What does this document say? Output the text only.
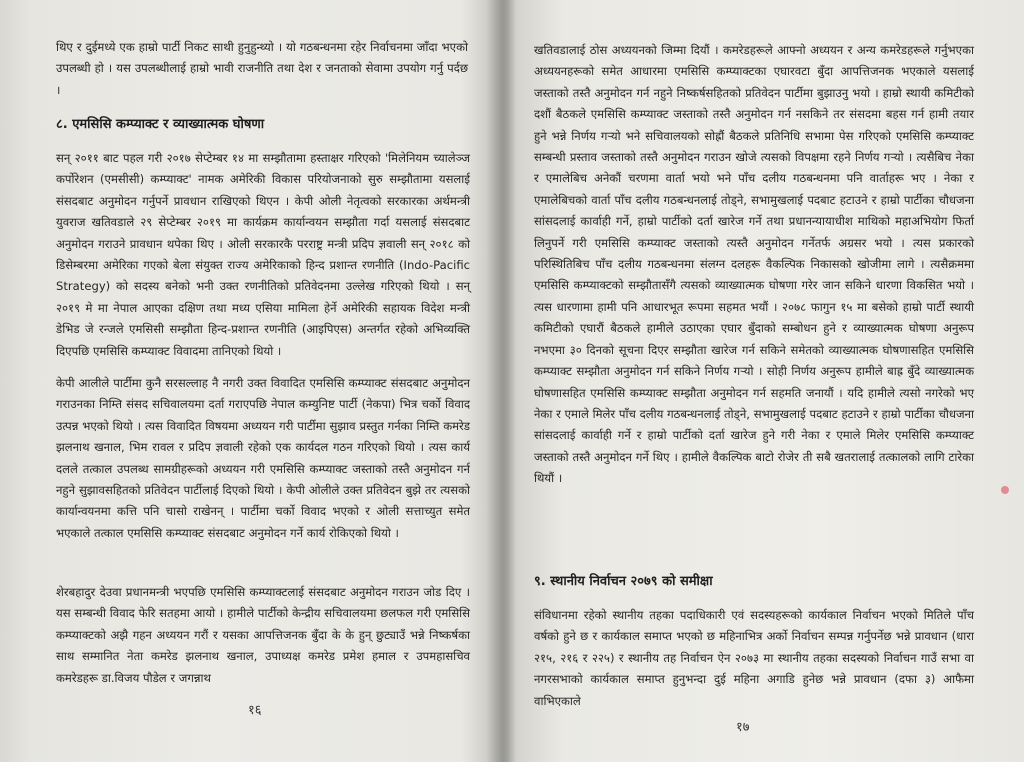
थिए र दुईमध्ये एक हाम्रो पार्टी निकट साथी हुनुहुन्थ्यो । यो गठबन्धनमा रहेर निर्वाचनमा जाँदा भएको उपलब्धी हो । यस उपलब्धीलाई हाम्रो भावी राजनीति तथा देश र जनताको सेवामा उपयोग गर्नु पर्दछ ।
८. एमसिसि कम्प्याक्ट र व्याख्यात्मक घोषणा
सन् २०११ बाट पहल गरी २०१७ सेप्टेम्बर १४ मा सम्झौतामा हस्ताक्षर गरिएको 'मिलेनियम च्यालेञ्ज कर्पोरेशन (एमसीसी) कम्प्याक्ट' नामक अमेरिकी विकास परियोजनाको सुरु सम्झौतामा यसलाई संसदबाट अनुमोदन गर्नुपर्ने प्रावधान राखिएको थिएन । केपी ओली नेतृत्वको सरकारका अर्थमन्त्री युवराज खतिवडाले २९ सेप्टेम्बर २०१९ मा कार्यक्रम कार्यान्वयन सम्झौता गर्दा यसलाई संसदबाट अनुमोदन गराउने प्रावधान थपेका थिए । ओली सरकारकै परराष्ट्र मन्त्री प्रदिप ज्ञवाली सन् २०१८ को डिसेम्बरमा अमेरिका गएको बेला संयुक्त राज्य अमेरिकाको हिन्द प्रशान्त रणनीति (Indo-Pacific Strategy) को सदस्य बनेको भनी उक्त रणनीतिको प्रतिवेदनमा उल्लेख गरिएको थियो । सन् २०१९ मे मा नेपाल आएका दक्षिण तथा मध्य एसिया मामिला हेर्ने अमेरिकी सहायक विदेश मन्त्री डेभिड जे रन्जले एमसिसी सम्झौता हिन्द-प्रशान्त रणनीति (आइपिएस) अन्तर्गत रहेको अभिव्यक्ति दिएपछि एमसिसि कम्प्याक्ट विवादमा तानिएको थियो ।
केपी आलीले पार्टीमा कुनै सरसल्लाह नै नगरी उक्त विवादित एमसिसि कम्प्याक्ट संसदबाट अनुमोदन गराउनका निम्ति संसद सचिवालयमा दर्ता गराएपछि नेपाल कम्युनिष्ट पार्टी (नेकपा) भित्र चर्को विवाद उत्पन्न भएको थियो । त्यस विवादित विषयमा अध्ययन गरी पार्टीमा सुझाव प्रस्तुत गर्नका निम्ति कमरेड झलनाथ खनाल, भिम रावल र प्रदिप ज्ञवाली रहेको एक कार्यदल गठन गरिएको थियो । त्यस कार्य दलले तत्काल उपलब्ध सामग्रीहरूको अध्ययन गरी एमसिसि कम्प्याक्ट जस्ताको तस्तै अनुमोदन गर्न नहुने सुझावसहितको प्रतिवेदन पार्टीलाई दिएको थियो । केपी ओलीले उक्त प्रतिवेदन बुझे तर त्यसको कार्यान्वयनमा कत्ति पनि चासो राखेनन् । पार्टीमा चर्को विवाद भएको र ओली सत्ताच्युत समेत भएकाले तत्काल एमसिसि कम्प्याक्ट संसदबाट अनुमोदन गर्ने कार्य रोकिएको थियो ।
शेरबहादुर देउवा प्रधानमन्त्री भएपछि एमसिसि कम्प्याक्टलाई संसदबाट अनुमोदन गराउन जोड दिए । यस सम्बन्धी विवाद फेरि सतहमा आयो । हामीले पार्टीको केन्द्रीय सचिवालयमा छलफल गरी एमसिसि कम्प्याक्टको अझै गहन अध्ययन गरौं र यसका आपत्तिजनक बुँदा के के हुन् छुट्याउँ भन्ने निष्कर्षका साथ सम्मानित नेता कमरेड झलनाथ खनाल, उपाध्यक्ष कमरेड प्रमेश हमाल र उपमहासचिव कमरेडहरू डा.विजय पौडेल र जगन्नाथ
१६
खतिवडालाई ठोस अध्ययनको जिम्मा दियौं । कमरेडहरूले आफ्नो अध्ययन र अन्य कमरेडहरूले गर्नुभएका अध्ययनहरूको समेत आधारमा एमसिसि कम्प्याक्टका एघारवटा बुँदा आपत्तिजनक भएकाले यसलाई जस्ताको तस्तै अनुमोदन गर्न नहुने निष्कर्षसहितको प्रतिवेदन पार्टीमा बुझाउनु भयो । हाम्रो स्थायी कमिटीको दशौं बैठकले एमसिसि कम्प्याक्ट जस्ताको तस्तै अनुमोदन गर्न नसकिने तर संसदमा बहस गर्न हामी तयार हुने भन्ने निर्णय गऱ्यो भने सचिवालयको सोह्रौं बैठकले प्रतिनिधि सभामा पेस गरिएको एमसिसि कम्प्याक्ट सम्बन्धी प्रस्ताव जस्ताको तस्तै अनुमोदन गराउन खोजे त्यसको विपक्षमा रहने निर्णय गऱ्यो । त्यसैबिच नेका र एमालेबिच अनेकौं चरणमा वार्ता भयो भने पाँच दलीय गठबन्धनमा पनि वार्ताहरू भए । नेका र एमालेबिचको वार्ता पाँच दलीय गठबन्धनलाई तोड्ने, सभामुखलाई पदबाट हटाउने र हाम्रो पार्टीका चौधजना सांसदलाई कार्वाही गर्ने, हाम्रो पार्टीको दर्ता खारेज गर्ने तथा प्रधानन्यायाधीश माथिको महाअभियोग फिर्ता लिनुपर्ने गरी एमसिसि कम्प्याक्ट जस्ताको त्यस्तै अनुमोदन गर्नेतर्फ अग्रसर भयो । त्यस प्रकारको परिस्थितिबिच पाँच दलीय गठबन्धनमा संलग्न दलहरू वैकल्पिक निकासको खोजीमा लागे । त्यसैक्रममा एमसिसि कम्प्याक्टको सम्झौतासँगै त्यसको व्याख्यात्मक घोषणा गरेर जान सकिने धारणा विकसित भयो । त्यस धारणामा हामी पनि आधारभूत रूपमा सहमत भयौं । २०७८ फागुन १५ मा बसेको हाम्रो पार्टी स्थायी कमिटीको एघारौं बैठकले हामीले उठाएका एघार बुँदाको सम्बोधन हुने र व्याख्यात्मक घोषणा अनुरूप नभएमा ३० दिनको सूचना दिएर सम्झौता खारेज गर्न सकिने समेतको व्याख्यात्मक घोषणासहित एमसिसि कम्प्याक्ट सम्झौता अनुमोदन गर्न सकिने निर्णय गऱ्यो । सोही निर्णय अनुरूप हामीले बाह्र बुँदे व्याख्यात्मक घोषणासहित एमसिसि कम्प्याक्ट सम्झौता अनुमोदन गर्न सहमति जनायौं । यदि हामीले त्यसो नगरेको भए नेका र एमाले मिलेर पाँच दलीय गठबन्धनलाई तोड्ने, सभामुखलाई पदबाट हटाउने र हाम्रो पार्टीका चौधजना सांसदलाई कार्वाही गर्ने र हाम्रो पार्टीको दर्ता खारेज हुने गरी नेका र एमाले मिलेर एमसिसि कम्प्याक्ट जस्ताको तस्तै अनुमोदन गर्ने थिए । हामीले वैकल्पिक बाटो रोजेर ती सबै खतरालाई तत्कालको लागि टारेका थियौं ।
९. स्थानीय निर्वाचन २०७९ को समीक्षा
संविधानमा रहेको स्थानीय तहका पदाधिकारी एवं सदस्यहरूको कार्यकाल निर्वाचन भएको मितिले पाँच वर्षको हुने छ र कार्यकाल समाप्त भएको छ महिनाभित्र अर्को निर्वाचन सम्पन्न गर्नुपर्नेछ भन्ने प्रावधान (धारा २१५, २१६ र २२५) र स्थानीय तह निर्वाचन ऐन २०७३ मा स्थानीय तहका सदस्यको निर्वाचन गाउँ सभा वा नगरसभाको कार्यकाल समाप्त हुनुभन्दा दुई महिना अगाडि हुनेछ भन्ने प्रावधान (दफा ३) आफैमा वाभिएकाले
१७
